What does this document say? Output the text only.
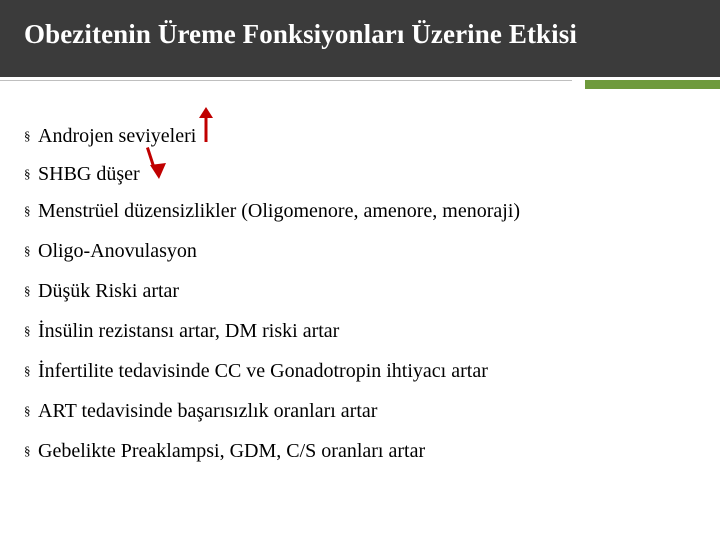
Obezitenin Üreme Fonksiyonları Üzerine Etkisi
§ Androjen seviyeleri
§ SHBG düşer
§ Menstrüel düzensizlikler (Oligomenore, amenore, menoraji)
§ Oligo-Anovulasyon
§ Düşük Riski artar
§ İnsülin rezistansı artar, DM riski artar
§ İnfertilite tedavisinde CC ve Gonadotropin ihtiyacı artar
§ ART tedavisinde başarısızlık oranları artar
§ Gebelikte Preaklampsi, GDM, C/S oranları artar
